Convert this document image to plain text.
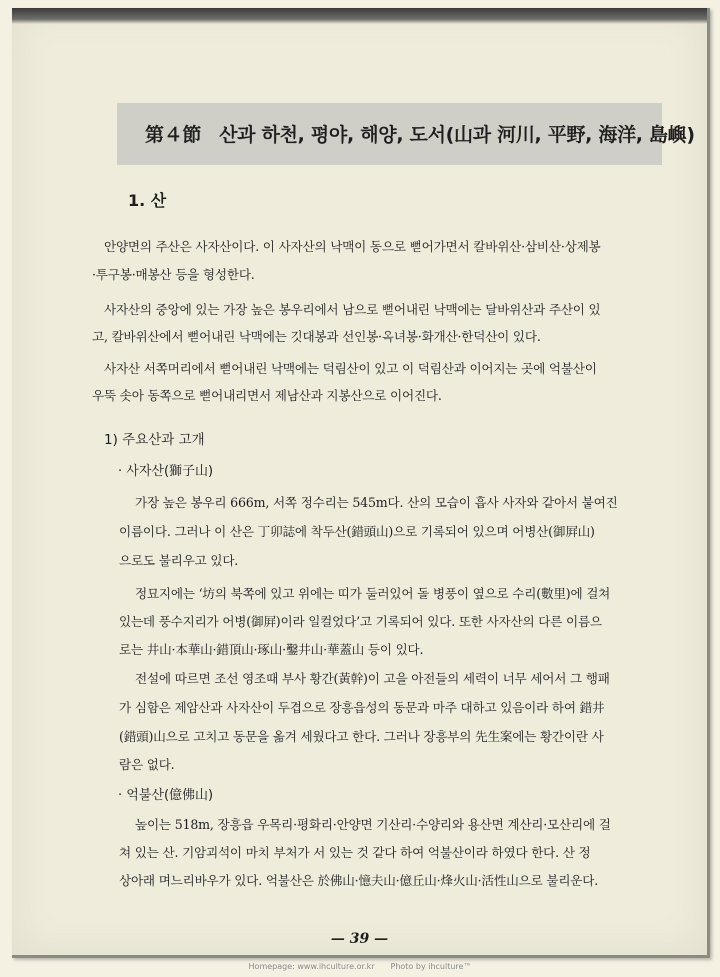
第４節 산과 하천, 평야, 해양, 도서(山과 河川, 平野, 海洋, 島嶼)
1. 산
안양면의 주산은 사자산이다. 이 사자산의 낙맥이 동으로 뻗어가면서 칼바위산·삼비산·상제봉
·투구봉·매봉산 등을 형성한다.
사자산의 중앙에 있는 가장 높은 봉우리에서 남으로 뻗어내린 낙맥에는 달바위산과 주산이 있
고, 칼바위산에서 뻗어내린 낙맥에는 깃대봉과 선인봉·옥녀봉·화개산·한덕산이 있다.
사자산 서쪽머리에서 뻗어내린 낙맥에는 덕림산이 있고 이 덕림산과 이어지는 곳에 억불산이
우뚝 솟아 동쪽으로 뻗어내리면서 제남산과 지봉산으로 이어진다.
1) 주요산과 고개
· 사자산(獅子山)
가장 높은 봉우리 666m, 서쪽 정수리는 545m다. 산의 모습이 흡사 사자와 같아서 붙여진
이름이다. 그러나 이 산은 丁卯誌에 착두산(錯頭山)으로 기록되어 있으며 어병산(御屛山)
으로도 불리우고 있다.
정묘지에는 ‘坊의 북쪽에 있고 위에는 띠가 둘러있어 돌 병풍이 옆으로 수리(數里)에 걸쳐
있는데 풍수지리가 어병(御屛)이라 일컬었다’고 기록되어 있다. 또한 사자산의 다른 이름으
로는 井山·本華山·錯頂山·琢山·鑿井山·華蓋山 등이 있다.
전설에 따르면 조선 영조때 부사 황간(黃幹)이 고을 아전들의 세력이 너무 세어서 그 행패
가 심함은 제암산과 사자산이 두겹으로 장흥읍성의 동문과 마주 대하고 있음이라 하여 錯井
(錯頭)山으로 고치고 동문을 옮겨 세웠다고 한다. 그러나 장흥부의 先生案에는 황간이란 사
람은 없다.
· 억불산(億佛山)
높이는 518m, 장흥읍 우목리·평화리·안양면 기산리·수양리와 용산면 계산리·모산리에 걸
쳐 있는 산. 기암괴석이 마치 부처가 서 있는 것 같다 하여 억불산이라 하였다 한다. 산 정
상아래 며느리바우가 있다. 억불산은 於佛山·憶夫山·億丘山·烽火山·活性山으로 불리운다.
— 39 —
Homepage: www.ihculture.or.kr Photo by ihculture™
